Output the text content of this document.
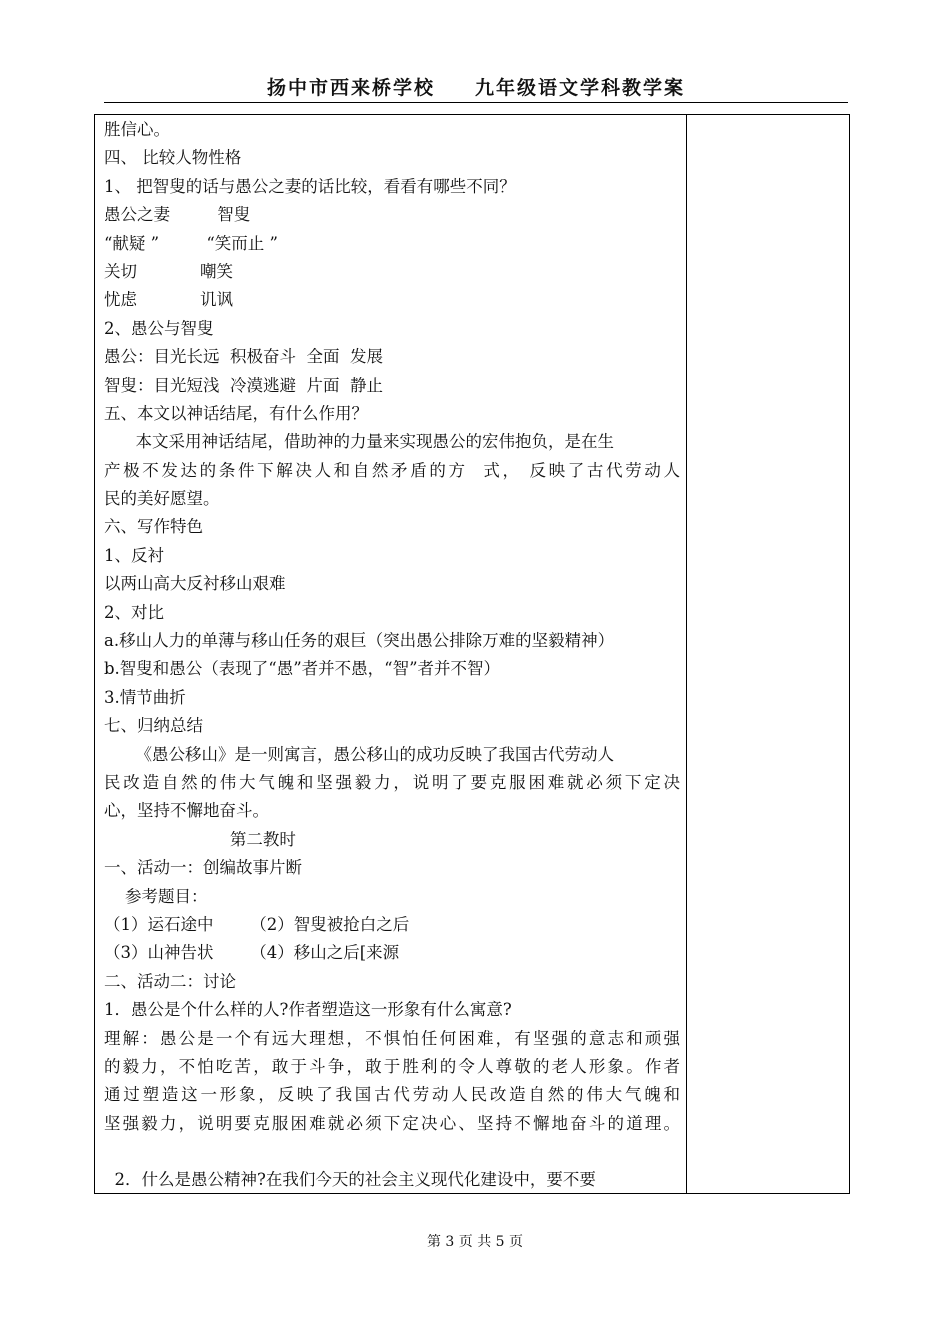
扬中市西来桥学校 九年级语文学科教学案
胜信心。
四、 比较人物性格
1、 把智叟的话与愚公之妻的话比较，看看有哪些不同？
愚公之妻         智叟
“献疑 ”         “笑而止 ”
关切            嘲笑
忧虑            讥讽
2、愚公与智叟
愚公：目光长远  积极奋斗  全面  发展
智叟：目光短浅  冷漠逃避  片面  静止
五、本文以神话结尾，有什么作用？
本文采用神话结尾，借助神的力量来实现愚公的宏伟抱负，是在生
产极不发达的条件下解决人和自然矛盾的方  式， 反映了古代劳动人
民的美好愿望。
六、写作特色
1、反衬
以两山高大反衬移山艰难
2、对比
a.移山人力的单薄与移山任务的艰巨（突出愚公排除万难的坚毅精神）
b.智叟和愚公（表现了“愚”者并不愚，“智”者并不智）
3.情节曲折
七、归纳总结
《愚公移山》是一则寓言，愚公移山的成功反映了我国古代劳动人
民改造自然的伟大气魄和坚强毅力，说明了要克服困难就必须下定决
心，坚持不懈地奋斗。
第二教时
一、活动一：创编故事片断
参考题目：
（1）运石途中       （2）智叟被抢白之后
（3）山神告状       （4）移山之后[来源
二、活动二：讨论
1．愚公是个什么样的人?作者塑造这一形象有什么寓意?
理解：愚公是一个有远大理想，不惧怕任何困难，有坚强的意志和顽强
的毅力，不怕吃苦，敢于斗争，敢于胜利的令人尊敬的老人形象。作者
通过塑造这一形象，反映了我国古代劳动人民改造自然的伟大气魄和
坚强毅力，说明要克服困难就必须下定决心、坚持不懈地奋斗的道理。
2．什么是愚公精神?在我们今天的社会主义现代化建设中，要不要
第 3 页 共 5 页
